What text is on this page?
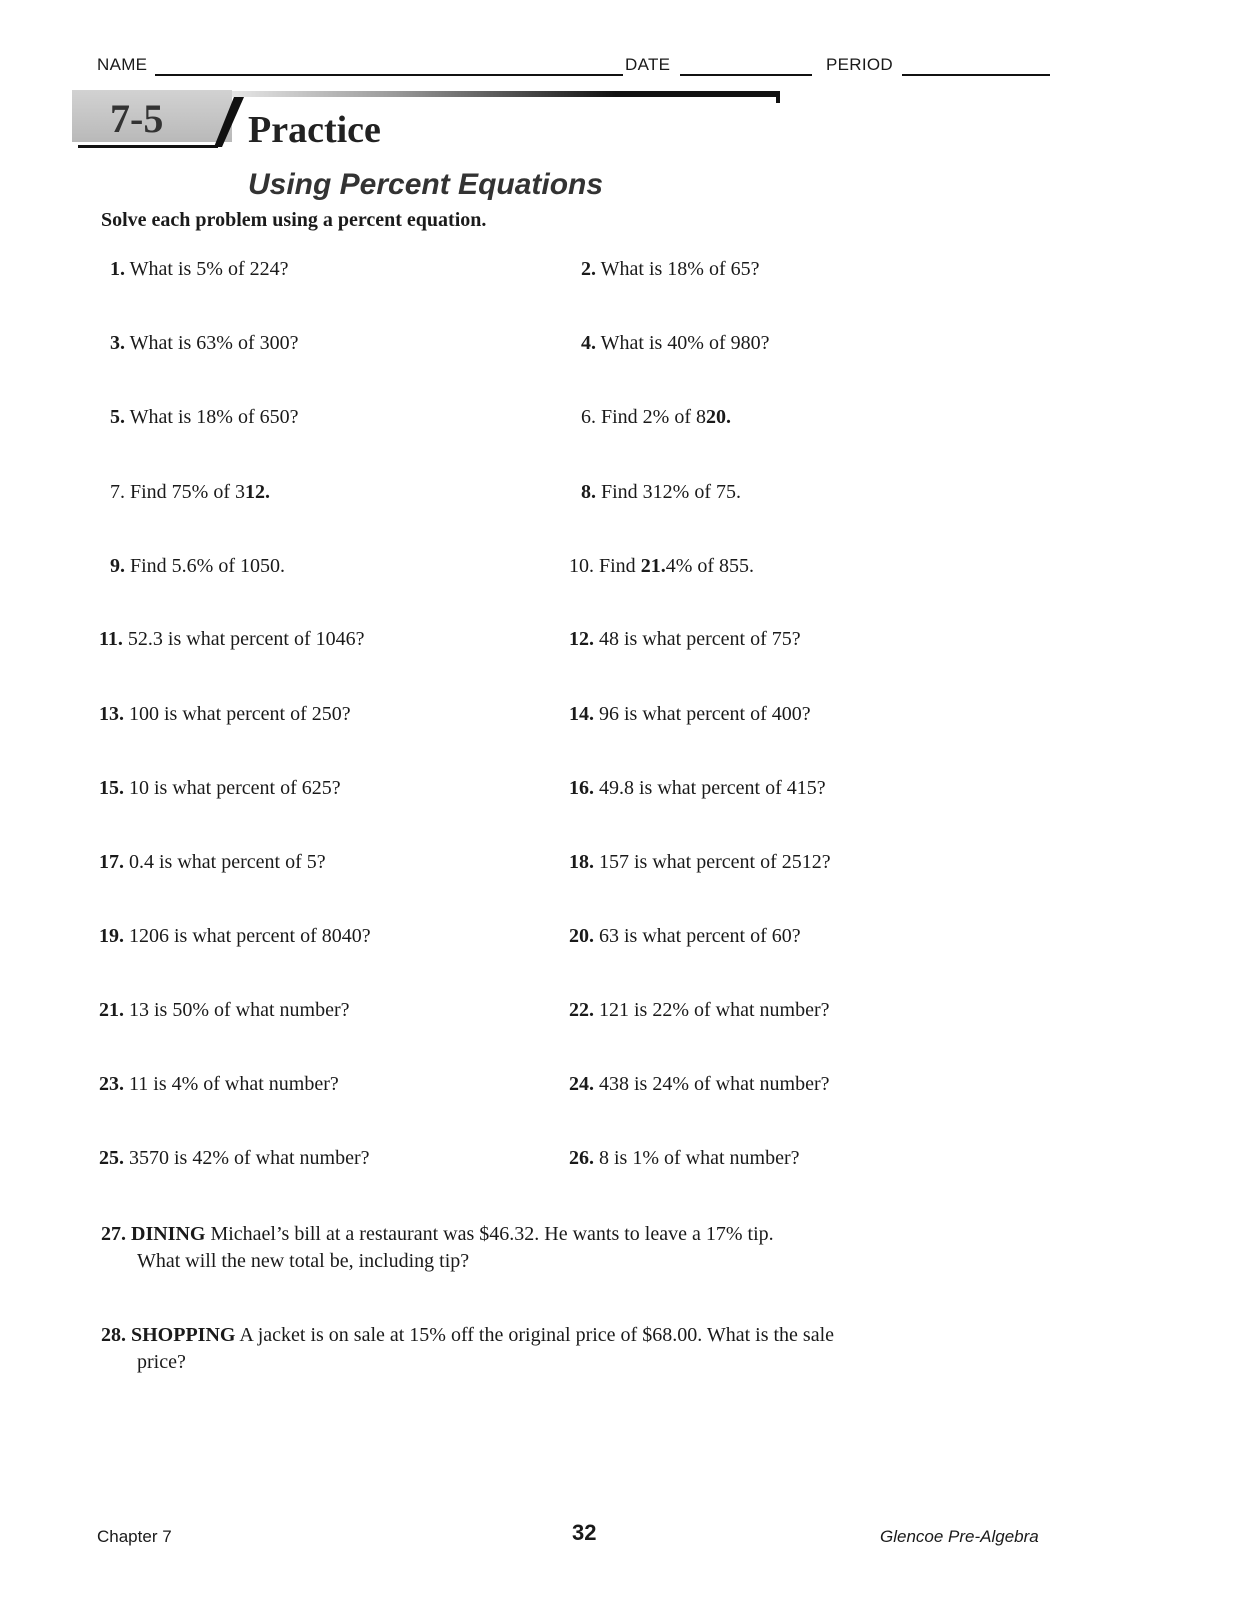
NAME	DATE	PERIOD
7-5 Practice
Using Percent Equations
Solve each problem using a percent equation.
1. What is 5% of 224?
3. What is 63% of 300?
5. What is 18% of 650?
7. Find 75% of 312.
9. Find 5.6% of 1050.
11. 52.3 is what percent of 1046?
13. 100 is what percent of 250?
15. 10 is what percent of 625?
17. 0.4 is what percent of 5?
19. 1206 is what percent of 8040?
21. 13 is 50% of what number?
23. 11 is 4% of what number?
25. 3570 is 42% of what number?
2. What is 18% of 65?
4. What is 40% of 980?
6. Find 2% of 820.
8. Find 312% of 75.
10. Find 21.4% of 855.
12. 48 is what percent of 75?
14. 96 is what percent of 400?
16. 49.8 is what percent of 415?
18. 157 is what percent of 2512?
20. 63 is what percent of 60?
22. 121 is 22% of what number?
24. 438 is 24% of what number?
26. 8 is 1% of what number?
27. DINING Michael’s bill at a restaurant was $46.32. He wants to leave a 17% tip.
What will the new total be, including tip?
28. SHOPPING A jacket is on sale at 15% off the original price of $68.00. What is the sale
price?
Chapter 7	32	Glencoe Pre-Algebra
